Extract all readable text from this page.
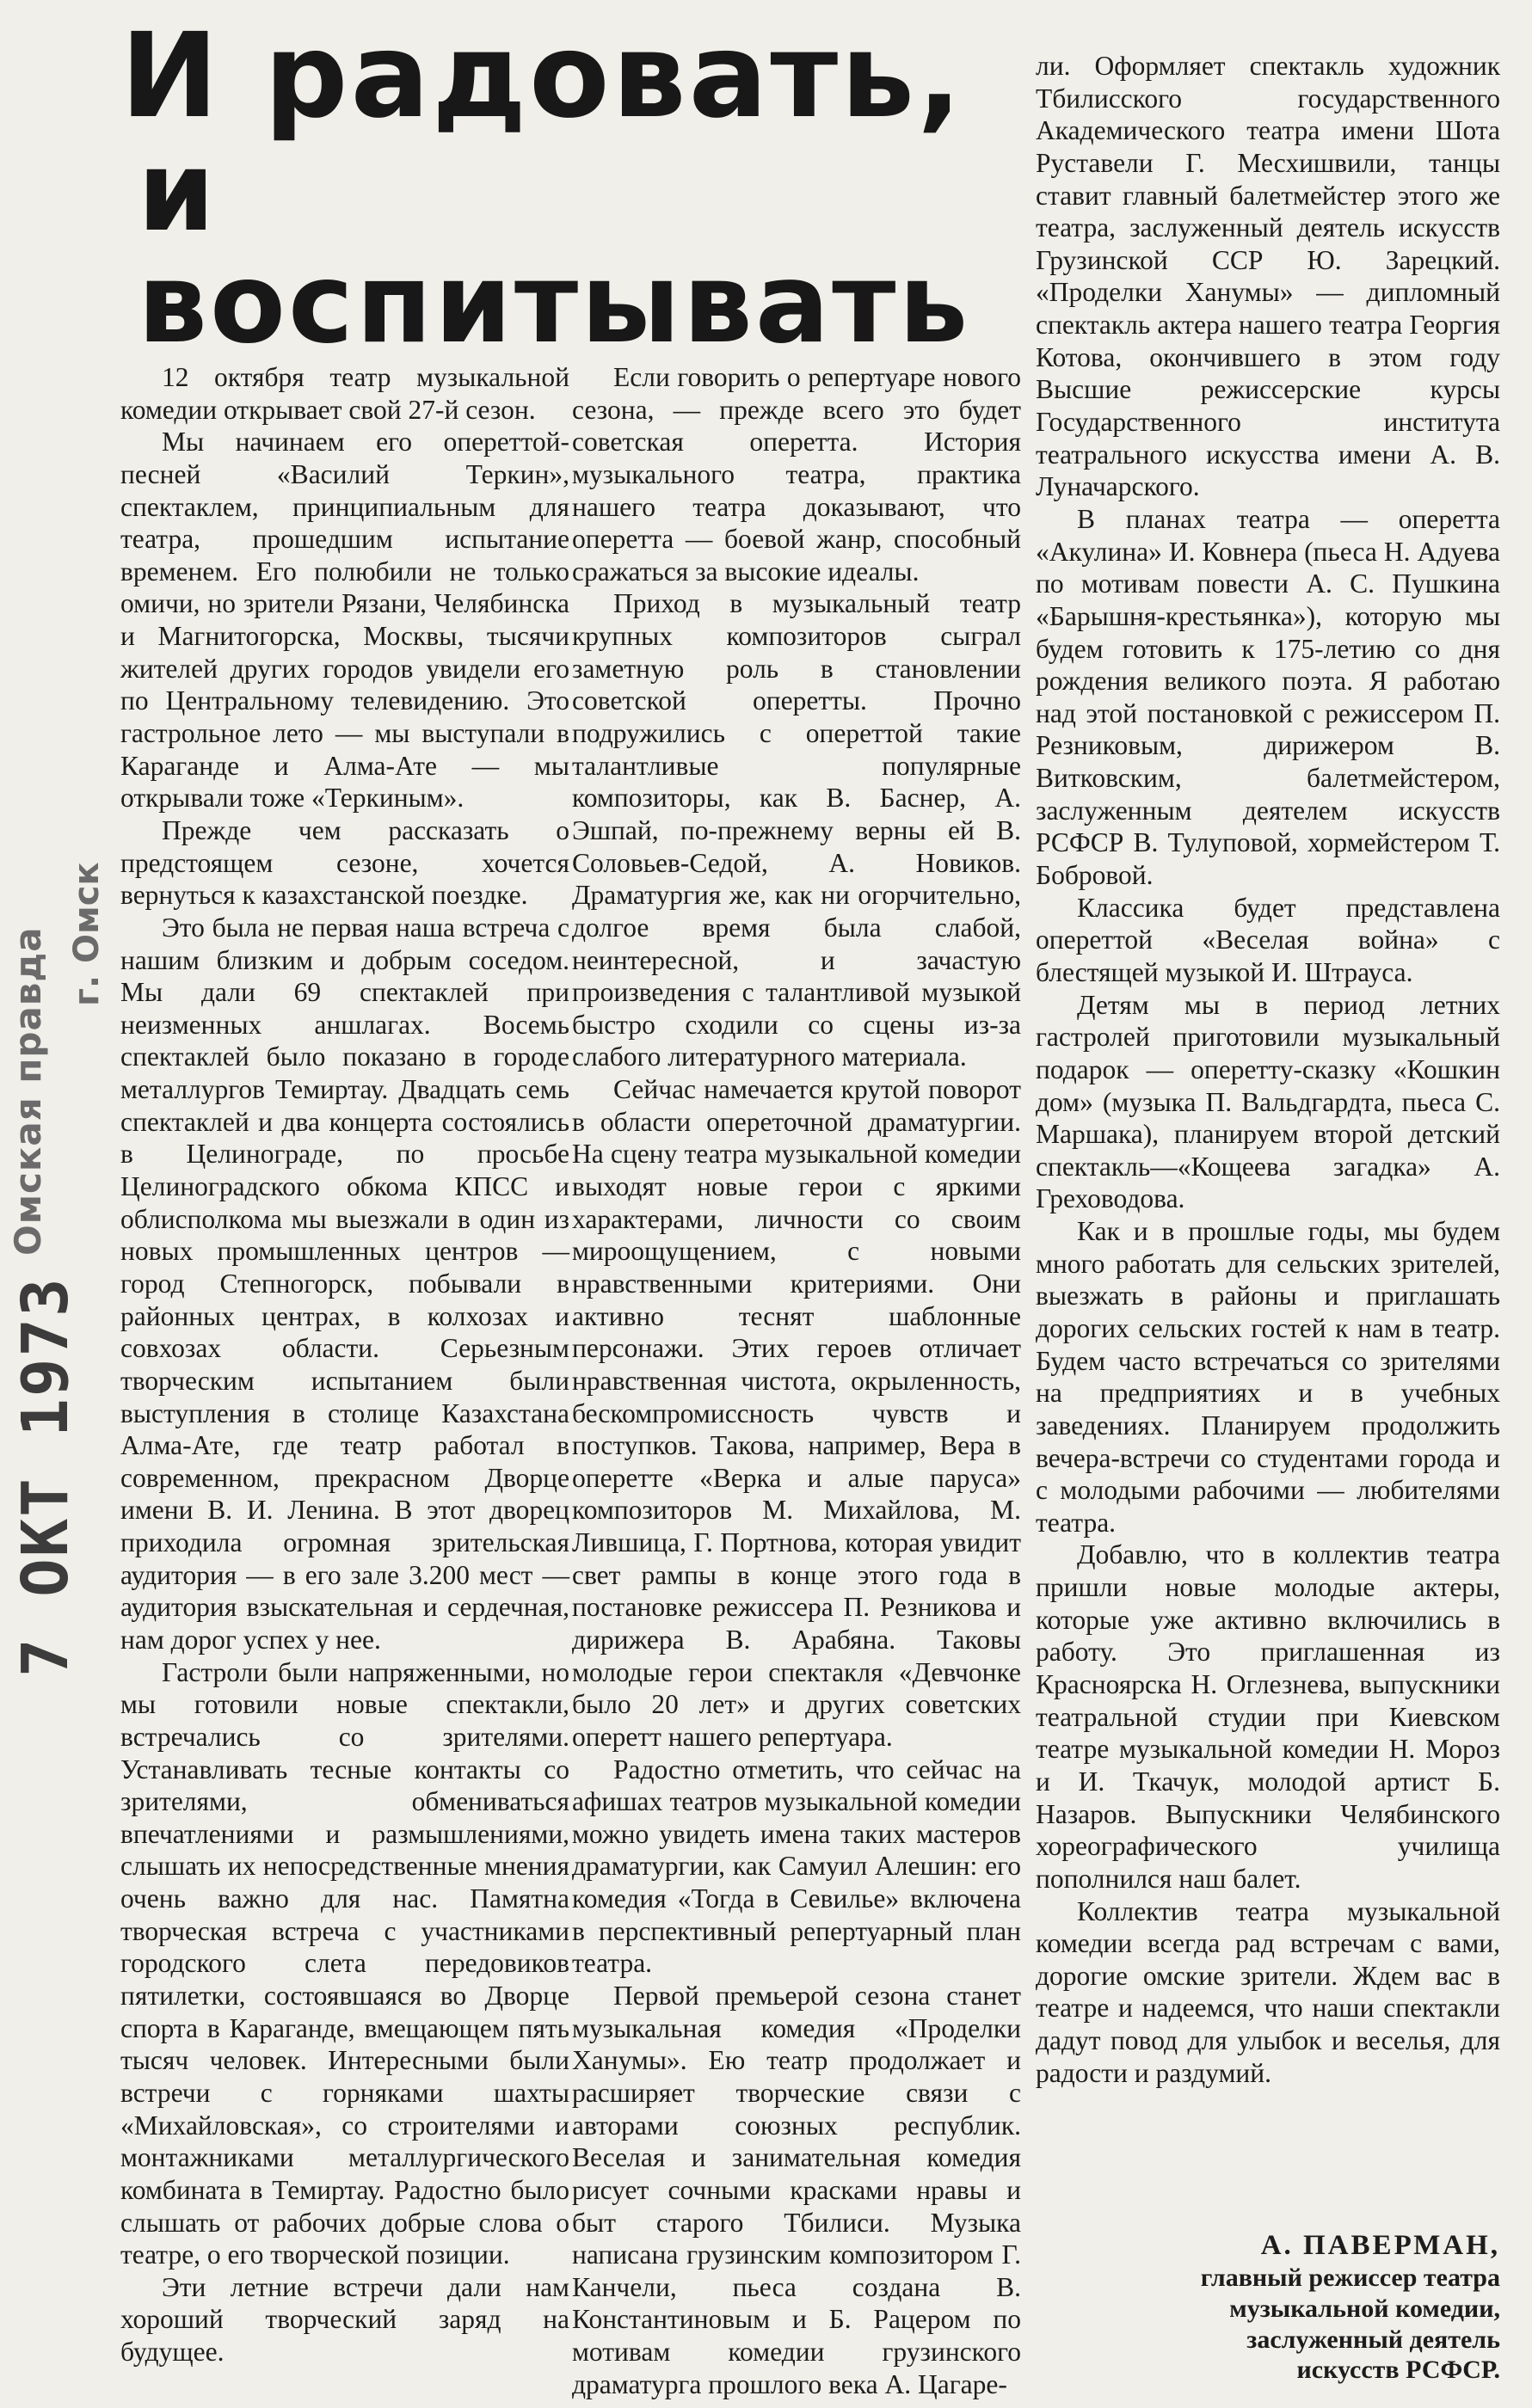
Омская правда г. Омск
7 ОКТ 1973
И радовать,
и воспитывать

12 октября театр музыкальной комедии открывает свой 27-й сезон.

Мы начинаем его опереттой-песней «Василий Теркин», спектаклем, принципиальным для театра, прошедшим испытание временем. Его полюбили не только омичи, но зрители Рязани, Челябинска и Магнитогорска, Москвы, тысячи жителей других городов увидели его по Центральному телевидению. Это гастрольное лето — мы выступали в Караганде и Алма-Ате — мы открывали тоже «Теркиным».

Прежде чем рассказать о предстоящем сезоне, хочется вернуться к казахстанской поездке.

Это была не первая наша встреча с нашим близким и добрым соседом. Мы дали 69 спектаклей при неизменных аншлагах. Восемь спектаклей было показано в городе металлургов Темиртау. Двадцать семь спектаклей и два концерта состоялись в Целинограде, по просьбе Целиноградского обкома КПСС и облисполкома мы выезжали в один из новых промышленных центров — город Степногорск, побывали в районных центрах, в колхозах и совхозах области. Серьезным творческим испытанием были выступления в столице Казахстана Алма-Ате, где театр работал в современном, прекрасном Дворце имени В. И. Ленина. В этот дворец приходила огромная зрительская аудитория — в его зале 3.200 мест — аудитория взыскательная и сердечная, нам дорог успех у нее.

Гастроли были напряженными, но мы готовили новые спектакли, встречались со зрителями. Устанавливать тесные контакты со зрителями, обмениваться впечатлениями и размышлениями, слышать их непосредственные мнения очень важно для нас. Памятна творческая встреча с участниками городского слета передовиков пятилетки, состоявшаяся во Дворце спорта в Караганде, вмещающем пять тысяч человек. Интересными были встречи с горняками шахты «Михайловская», со строителями и монтажниками металлургического комбината в Темиртау. Радостно было слышать от рабочих добрые слова о театре, о его творческой позиции.

Эти летние встречи дали нам хороший творческий заряд на будущее.

Если говорить о репертуаре нового сезона, — прежде всего это будет советская оперетта. История музыкального театра, практика нашего театра доказывают, что оперетта — боевой жанр, способный сражаться за высокие идеалы.

Приход в музыкальный театр крупных композиторов сыграл заметную роль в становлении советской оперетты. Прочно подружились с опереттой такие талантливые популярные композиторы, как В. Баснер, А. Эшпай, по-прежнему верны ей В. Соловьев-Седой, А. Новиков. Драматургия же, как ни огорчительно, долгое время была слабой, неинтересной, и зачастую произведения с талантливой музыкой быстро сходили со сцены из-за слабого литературного материала.

Сейчас намечается крутой поворот в области опереточной драматургии. На сцену театра музыкальной комедии выходят новые герои с яркими характерами, личности со своим мироощущением, с новыми нравственными критериями. Они активно теснят шаблонные персонажи. Этих героев отличает нравственная чистота, окрыленность, бескомпромиссность чувств и поступков. Такова, например, Вера в оперетте «Верка и алые паруса» композиторов М. Михайлова, М. Лившица, Г. Портнова, которая увидит свет рампы в конце этого года в постановке режиссера П. Резникова и дирижера В. Арабяна. Таковы молодые герои спектакля «Девчонке было 20 лет» и других советских оперетт нашего репертуара.

Радостно отметить, что сейчас на афишах театров музыкальной комедии можно увидеть имена таких мастеров драматургии, как Самуил Алешин: его комедия «Тогда в Севилье» включена в перспективный репертуарный план театра.

Первой премьерой сезона станет музыкальная комедия «Проделки Ханумы». Ею театр продолжает и расширяет творческие связи с авторами союзных республик. Веселая и занимательная комедия рисует сочными красками нравы и быт старого Тбилиси. Музыка написана грузинским композитором Г. Канчели, пьеса создана В. Константиновым и Б. Рацером по мотивам комедии грузинского драматурга прошлого века А. Цагаре-

ли. Оформляет спектакль художник Тбилисского государственного Академического театра имени Шота Руставели Г. Месхишвили, танцы ставит главный балетмейстер этого же театра, заслуженный деятель искусств Грузинской ССР Ю. Зарецкий. «Проделки Ханумы» — дипломный спектакль актера нашего театра Георгия Котова, окончившего в этом году Высшие режиссерские курсы Государственного института театрального искусства имени А. В. Луначарского.

В планах театра — оперетта «Акулина» И. Ковнера (пьеса Н. Адуева по мотивам повести А. С. Пушкина «Барышня-крестьянка»), которую мы будем готовить к 175-летию со дня рождения великого поэта. Я работаю над этой постановкой с режиссером П. Резниковым, дирижером В. Витковским, балетмейстером, заслуженным деятелем искусств РСФСР В. Тулуповой, хормейстером Т. Бобровой.

Классика будет представлена опереттой «Веселая война» с блестящей музыкой И. Штрауса.

Детям мы в период летних гастролей приготовили музыкальный подарок — оперетту-сказку «Кошкин дом» (музыка П. Вальдгардта, пьеса С. Маршака), планируем второй детский спектакль—«Кощеева загадка» А. Греховодова.

Как и в прошлые годы, мы будем много работать для сельских зрителей, выезжать в районы и приглашать дорогих сельских гостей к нам в театр. Будем часто встречаться со зрителями на предприятиях и в учебных заведениях. Планируем продолжить вечера-встречи со студентами города и с молодыми рабочими — любителями театра.

Добавлю, что в коллектив театра пришли новые молодые актеры, которые уже активно включились в работу. Это приглашенная из Красноярска Н. Оглезнева, выпускники театральной студии при Киевском театре музыкальной комедии Н. Мороз и И. Ткачук, молодой артист Б. Назаров. Выпускники Челябинского хореографического училища пополнился наш балет.

Коллектив театра музыкальной комедии всегда рад встречам с вами, дорогие омские зрители. Ждем вас в театре и надеемся, что наши спектакли дадут повод для улыбок и веселья, для радости и раздумий.

А. ПАВЕРМАН,
главный режиссер театра
музыкальной комедии,
заслуженный деятель
искусств РСФСР.
